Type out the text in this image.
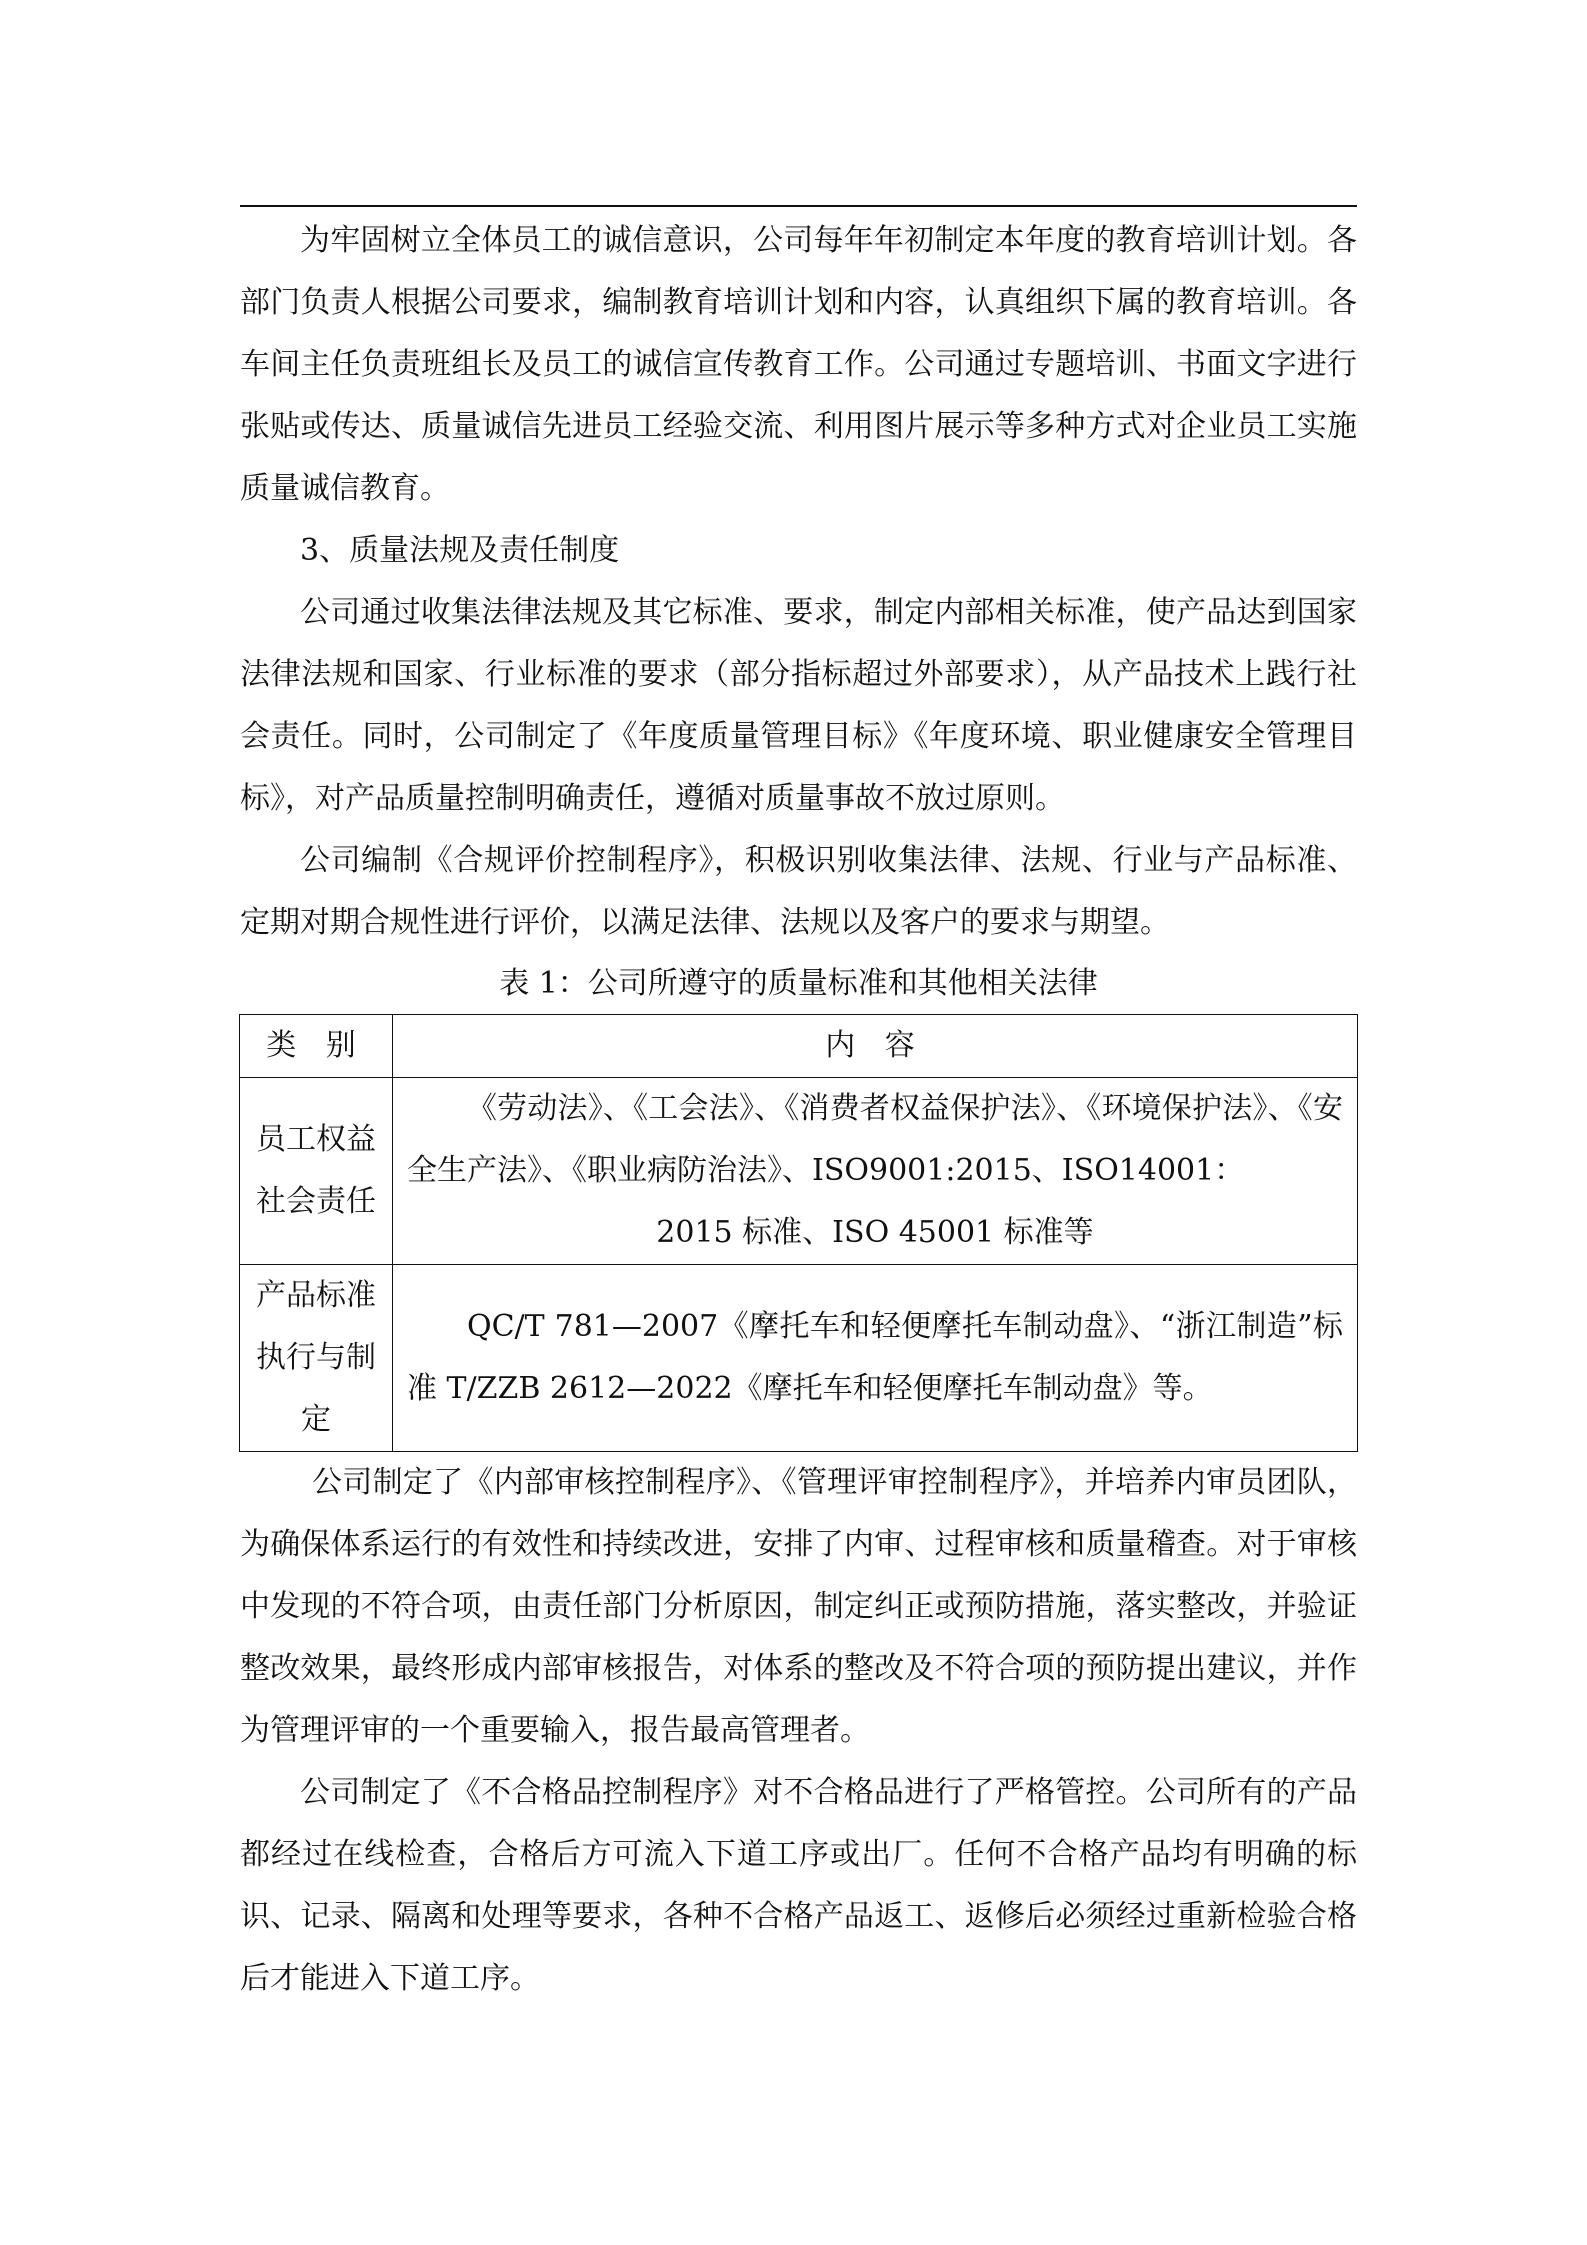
为牢固树立全体员工的诚信意识，公司每年年初制定本年度的教育培训计划。各部门负责人根据公司要求，编制教育培训计划和内容，认真组织下属的教育培训。各车间主任负责班组长及员工的诚信宣传教育工作。公司通过专题培训、书面文字进行张贴或传达、质量诚信先进员工经验交流、利用图片展示等多种方式对企业员工实施质量诚信教育。

3、质量法规及责任制度

公司通过收集法律法规及其它标准、要求，制定内部相关标准，使产品达到国家法律法规和国家、行业标准的要求（部分指标超过外部要求），从产品技术上践行社会责任。同时，公司制定了《年度质量管理目标》《年度环境、职业健康安全管理目标》，对产品质量控制明确责任，遵循对质量事故不放过原则。

公司编制《合规评价控制程序》，积极识别收集法律、法规、行业与产品标准、定期对期合规性进行评价，以满足法律、法规以及客户的要求与期望。

表 1：公司所遵守的质量标准和其他相关法律

类 别	内 容
员工权益社会责任	《劳动法》、《工会法》、《消费者权益保护法》、《环境保护法》、《安全生产法》、《职业病防治法》、ISO9001:2015、ISO14001：
2015 标准、ISO 45001 标准等

产品标准执行与制定	QC/T 781—2007《摩托车和轻便摩托车制动盘》、“浙江制造”标准 T/ZZB 2612—2022《摩托车和轻便摩托车制动盘》等。

公司制定了《内部审核控制程序》、《管理评审控制程序》，并培养内审员团队，为确保体系运行的有效性和持续改进，安排了内审、过程审核和质量稽查。对于审核中发现的不符合项，由责任部门分析原因，制定纠正或预防措施，落实整改，并验证整改效果，最终形成内部审核报告，对体系的整改及不符合项的预防提出建议，并作为管理评审的一个重要输入，报告最高管理者。

公司制定了《不合格品控制程序》对不合格品进行了严格管控。公司所有的产品都经过在线检查，合格后方可流入下道工序或出厂。任何不合格产品均有明确的标识、记录、隔离和处理等要求，各种不合格产品返工、返修后必须经过重新检验合格后才能进入下道工序。
